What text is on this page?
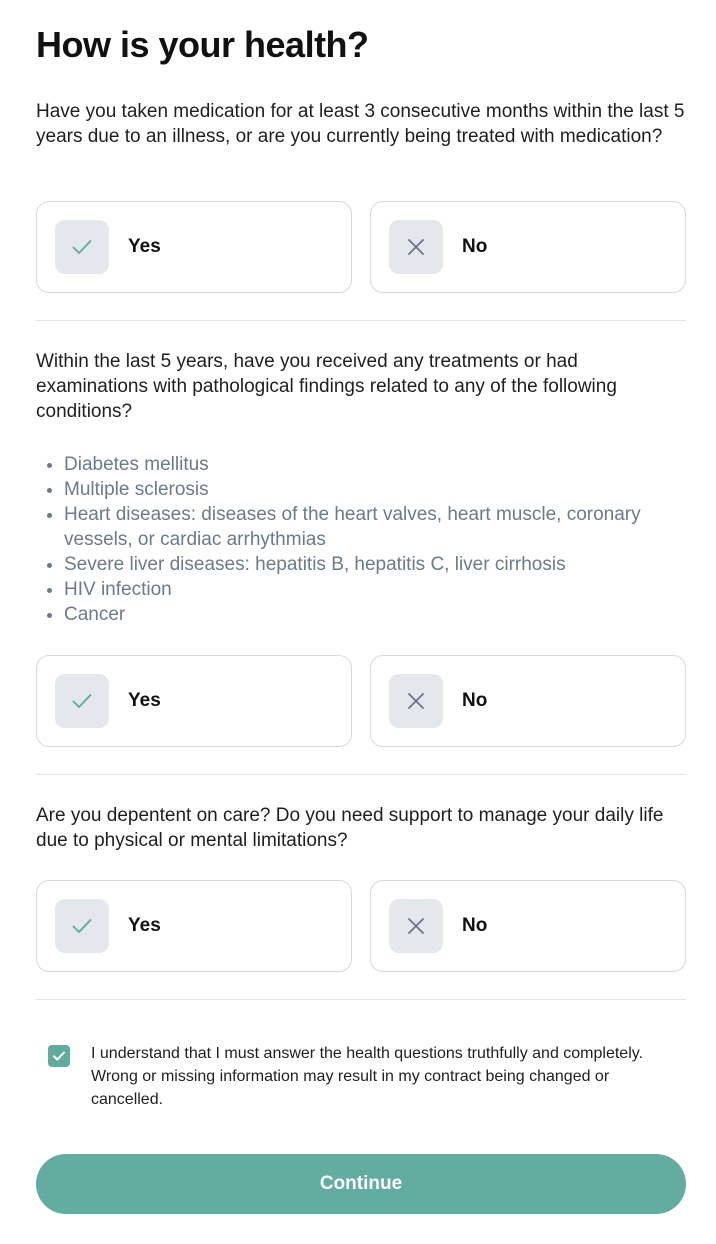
How is your health?

Have you taken medication for at least 3 consecutive months within the last 5 years due to an illness, or are you currently being treated with medication?

Yes	No

Within the last 5 years, have you received any treatments or had examinations with pathological findings related to any of the following conditions?

• Diabetes mellitus
• Multiple sclerosis
• Heart diseases: diseases of the heart valves, heart muscle, coronary vessels, or cardiac arrhythmias
• Severe liver diseases: hepatitis B, hepatitis C, liver cirrhosis
• HIV infection
• Cancer
Yes	No

Are you depentent on care? Do you need support to manage your daily life due to physical or mental limitations?

Yes	No

I understand that I must answer the health questions truthfully and completely. Wrong or missing information may result in my contract being changed or cancelled.

Continue
